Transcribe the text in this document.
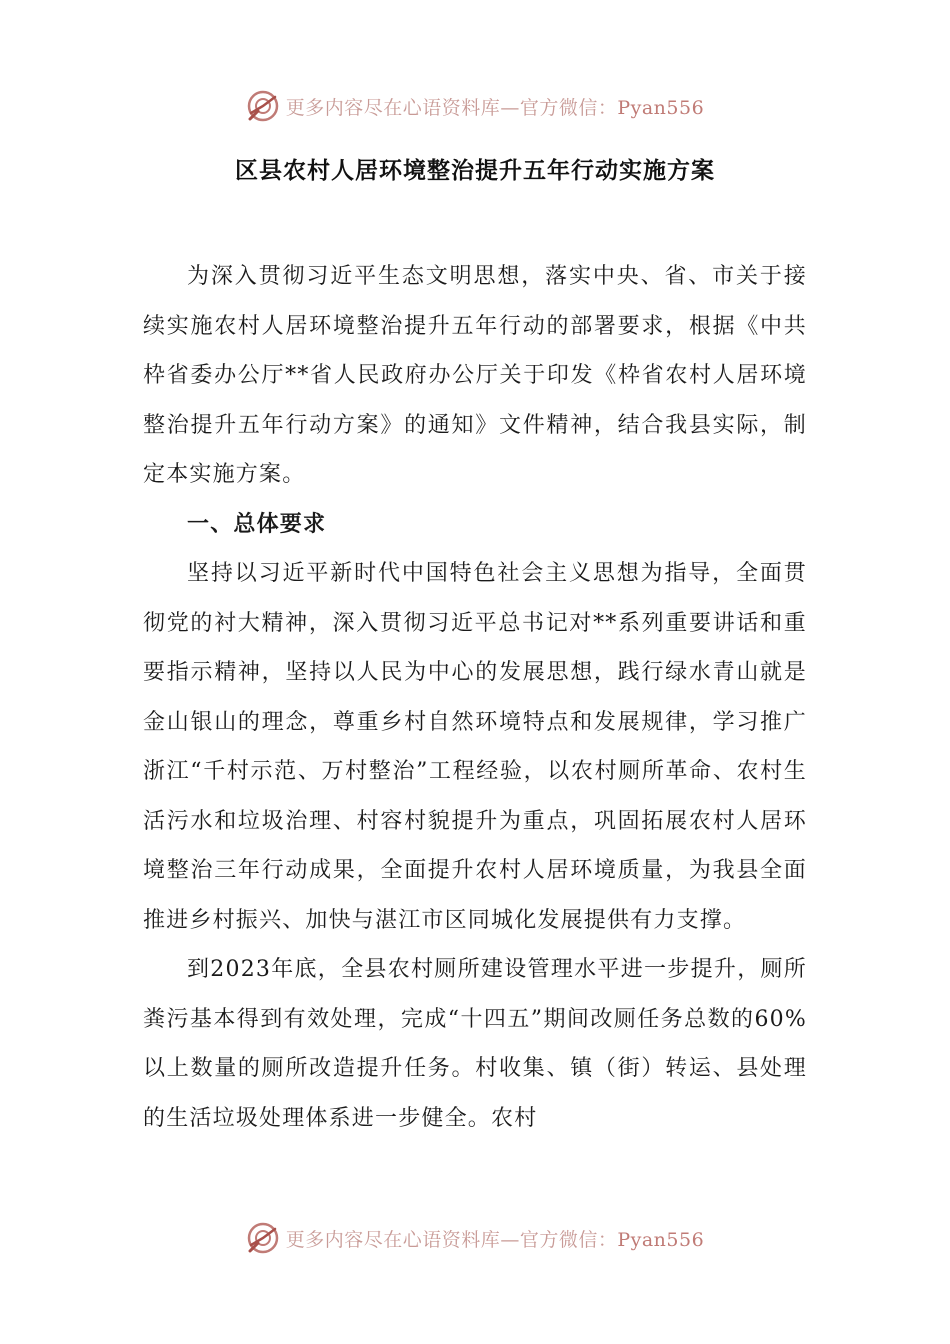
更多内容尽在心语资料库—官方微信：Pyan556
区县农村人居环境整治提升五年行动实施方案

为深入贯彻习近平生态文明思想，落实中央、省、市关于接续实施农村人居环境整治提升五年行动的部署要求，根据《中共枠省委办公厅**省人民政府办公厅关于印发《枠省农村人居环境整治提升五年行动方案》的通知》文件精神，结合我县实际，制定本实施方案。

一、总体要求

坚持以习近平新时代中国特色社会主义思想为指导，全面贯彻党的衬大精神，深入贯彻习近平总书记对**系列重要讲话和重要指示精神，坚持以人民为中心的发展思想，践行绿水青山就是金山银山的理念，尊重乡村自然环境特点和发展规律，学习推广浙江“千村示范、万村整治”工程经验，以农村厕所革命、农村生活污水和垃圾治理、村容村貌提升为重点，巩固拓展农村人居环境整治三年行动成果，全面提升农村人居环境质量，为我县全面推进乡村振兴、加快与湛江市区同城化发展提供有力支撑。

到2023年底，全县农村厕所建设管理水平进一步提升，厕所粪污基本得到有效处理，完成“十四五”期间改厕任务总数的60%以上数量的厕所改造提升任务。村收集、镇（街）转运、县处理的生活垃圾处理体系进一步健全。农村

更多内容尽在心语资料库—官方微信：Pyan556
